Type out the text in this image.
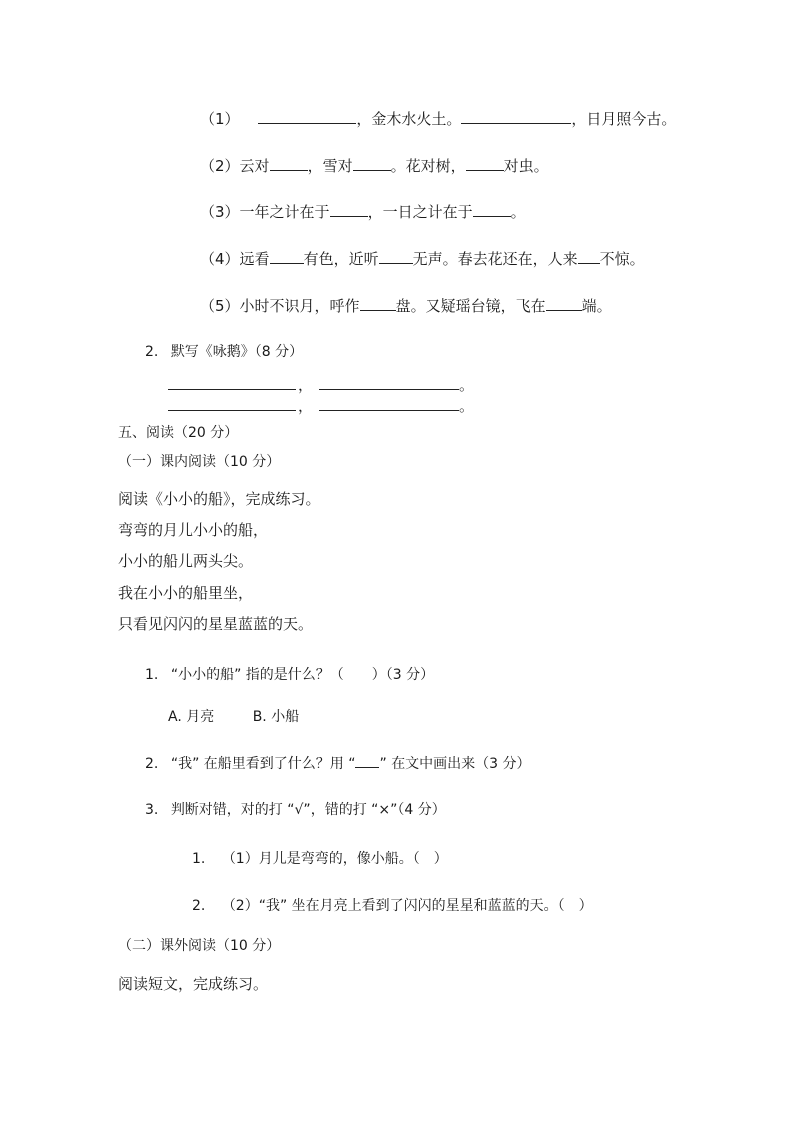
（1）	，金木水火土。	，日月照今古。
（2）云对	，雪对	。花对树，	对虫。
（3）一年之计在于	，一日之计在于	。
（4）远看 有色，近听 无声。春去花还在，人来 不惊。
（5）小时不识月，呼作 盘。又疑瑶台镜，飞在 端。
2. 默写《咏鹅》（8 分）
，	。
，	。
五、阅读（20 分）
（一）课内阅读（10 分）
阅读《小小的船》，完成练习。
弯弯的月儿小小的船，
小小的船儿两头尖。
我在小小的船里坐，
只看见闪闪的星星蓝蓝的天。
1. “小小的船” 指的是什么？（　　）（3 分）
A. 月亮	B. 小船
2. “我” 在船里看到了什么？用 “ ” 在文中画出来（3 分）
3. 判断对错，对的打 “√”，错的打 “×”（4 分）
1. （1）月儿是弯弯的，像小船。（　）
2. （2）“我” 坐在月亮上看到了闪闪的星星和蓝蓝的天。（　）
（二）课外阅读（10 分）
阅读短文，完成练习。
